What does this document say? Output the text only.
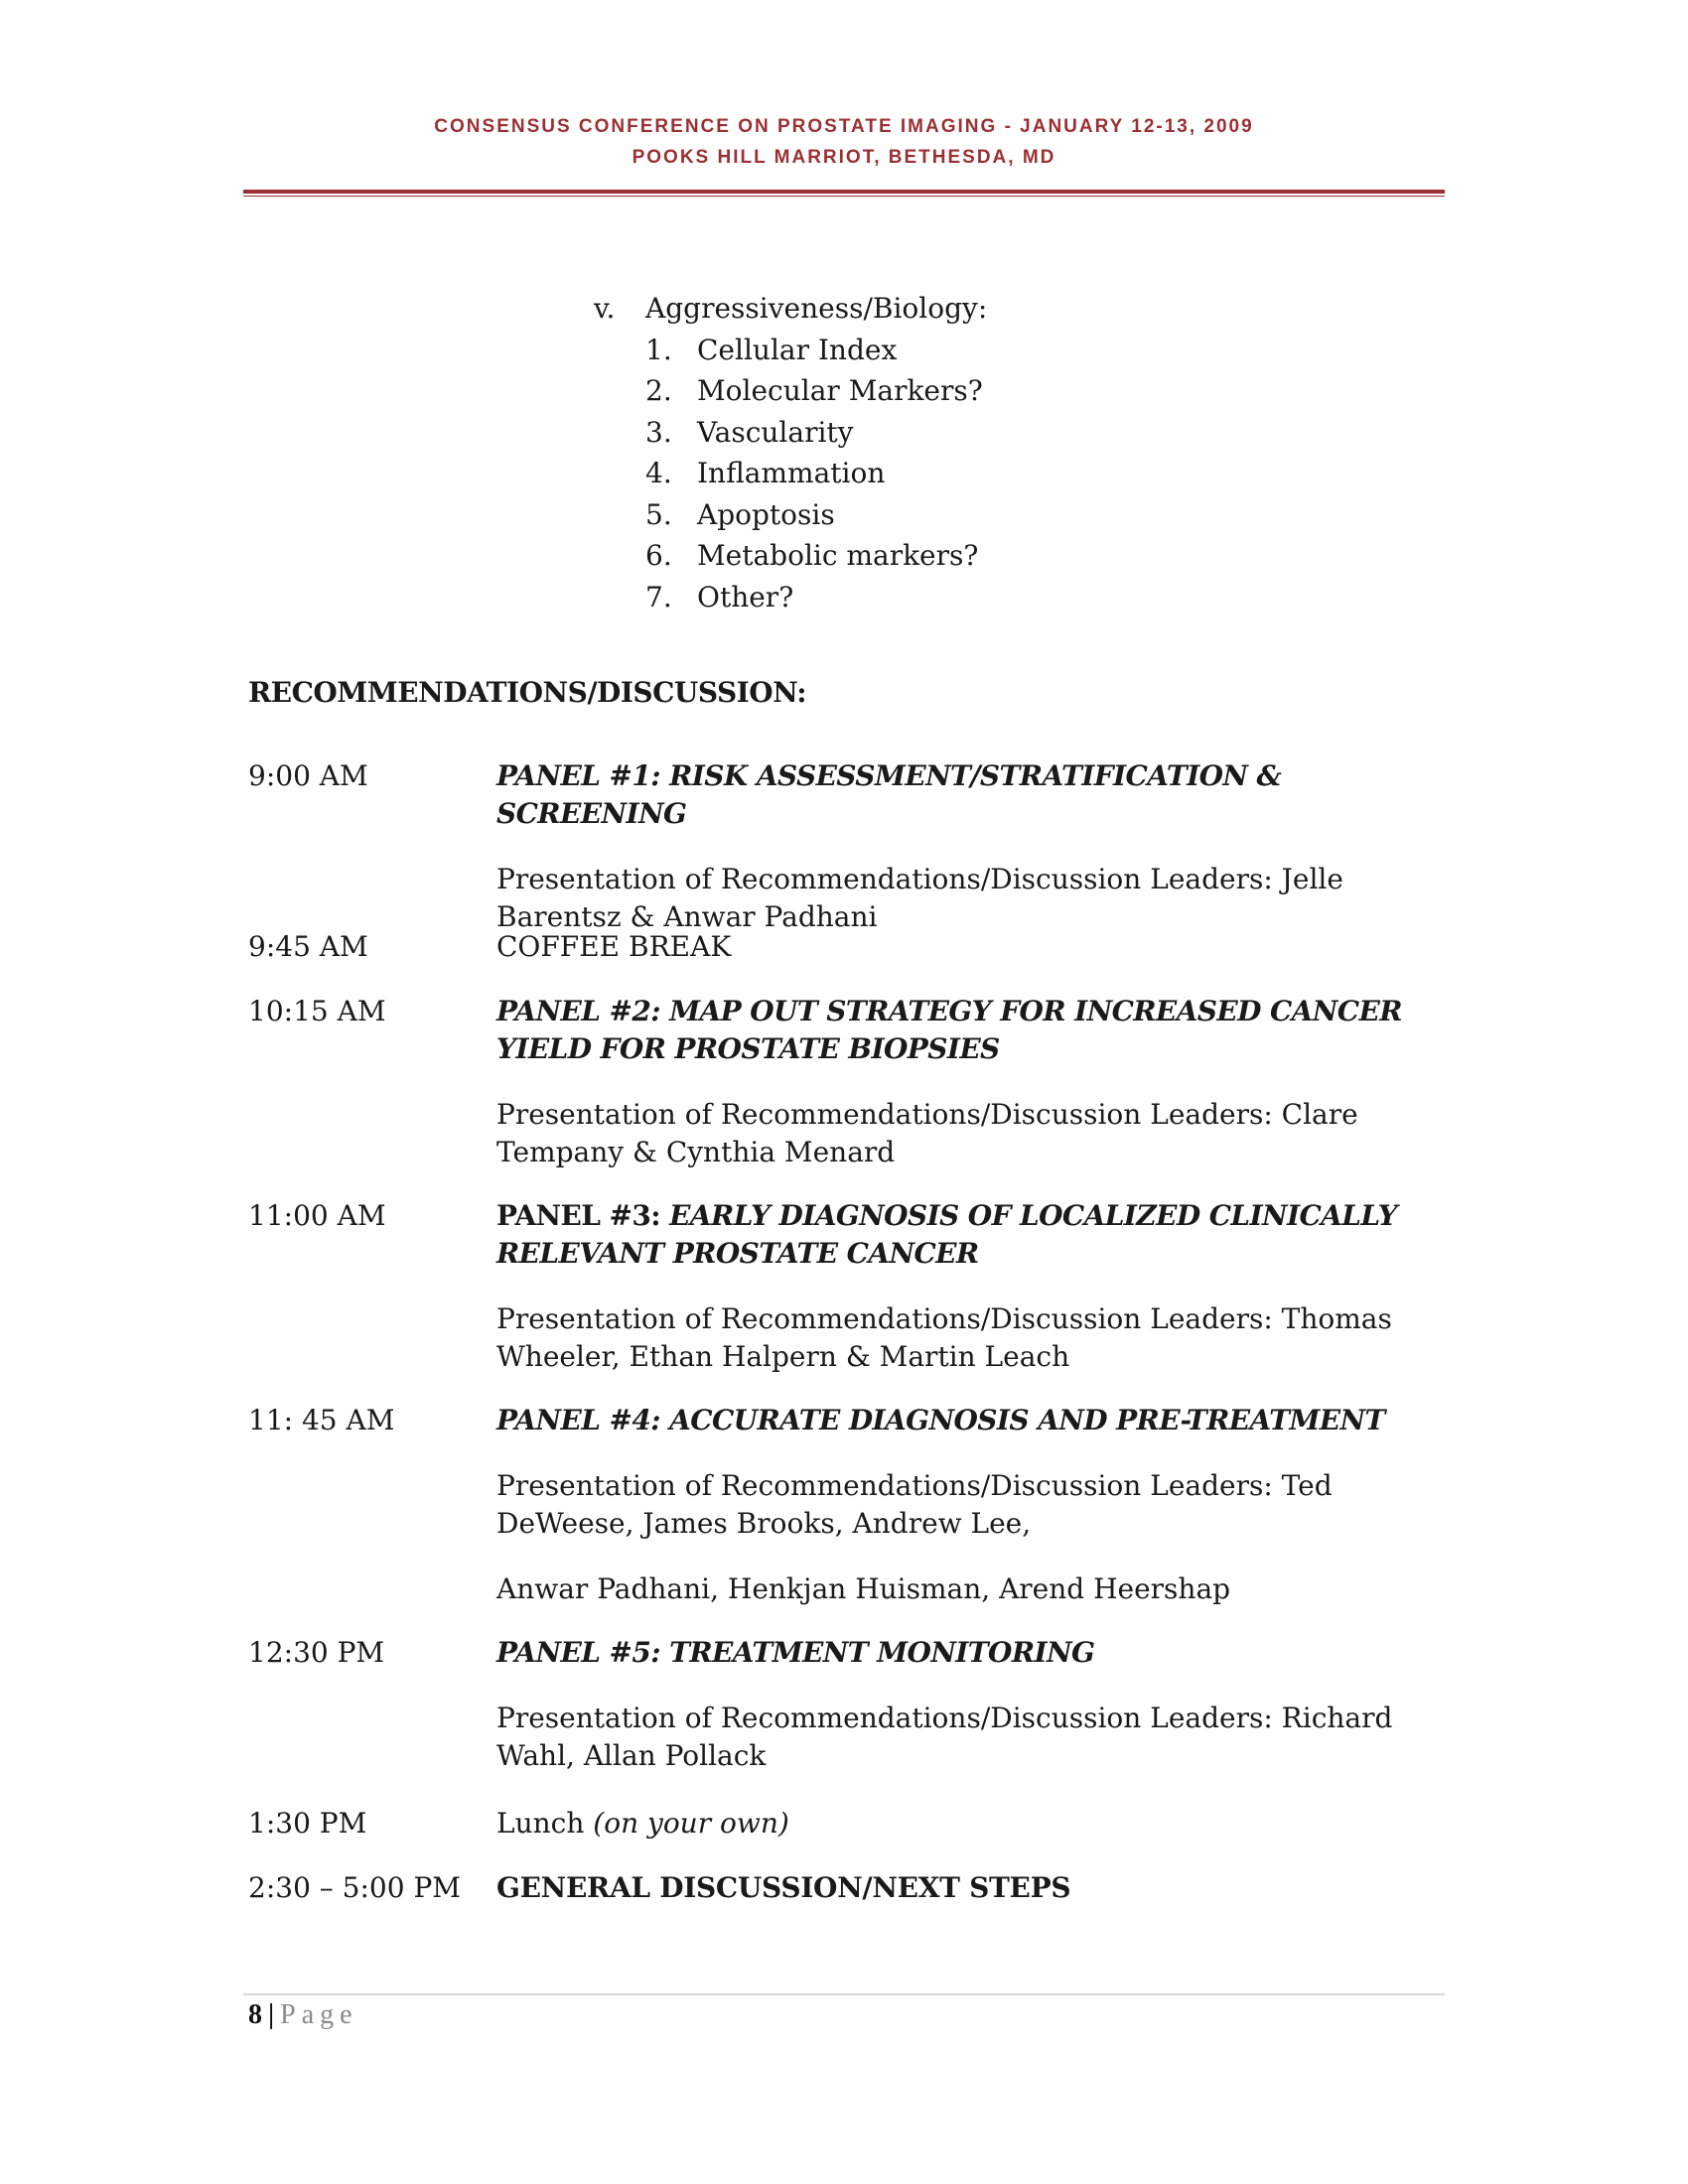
CONSENSUS CONFERENCE ON PROSTATE IMAGING - JANUARY 12-13, 2009
POOKS HILL MARRIOT, BETHESDA, MD
v. Aggressiveness/Biology:
1. Cellular Index
2. Molecular Markers?
3. Vascularity
4. Inflammation
5. Apoptosis
6. Metabolic markers?
7. Other?
RECOMMENDATIONS/DISCUSSION:
9:00 AM	PANEL #1: RISK ASSESSMENT/STRATIFICATION & SCREENING
Presentation of Recommendations/Discussion Leaders: Jelle Barentsz & Anwar Padhani
9:45 AM	COFFEE BREAK
10:15 AM	PANEL #2: MAP OUT STRATEGY FOR INCREASED CANCER YIELD FOR PROSTATE BIOPSIES
Presentation of Recommendations/Discussion Leaders: Clare Tempany & Cynthia Menard
11:00 AM	PANEL #3: EARLY DIAGNOSIS OF LOCALIZED CLINICALLY RELEVANT PROSTATE CANCER
Presentation of Recommendations/Discussion Leaders: Thomas Wheeler, Ethan Halpern & Martin Leach
11: 45 AM	PANEL #4: ACCURATE DIAGNOSIS AND PRE-TREATMENT
Presentation of Recommendations/Discussion Leaders: Ted DeWeese, James Brooks, Andrew Lee,
Anwar Padhani, Henkjan Huisman, Arend Heershap
12:30 PM	PANEL #5: TREATMENT MONITORING
Presentation of Recommendations/Discussion Leaders: Richard Wahl, Allan Pollack
1:30 PM	Lunch (on your own)
2:30 – 5:00 PM	GENERAL DISCUSSION/NEXT STEPS
8 | Page
